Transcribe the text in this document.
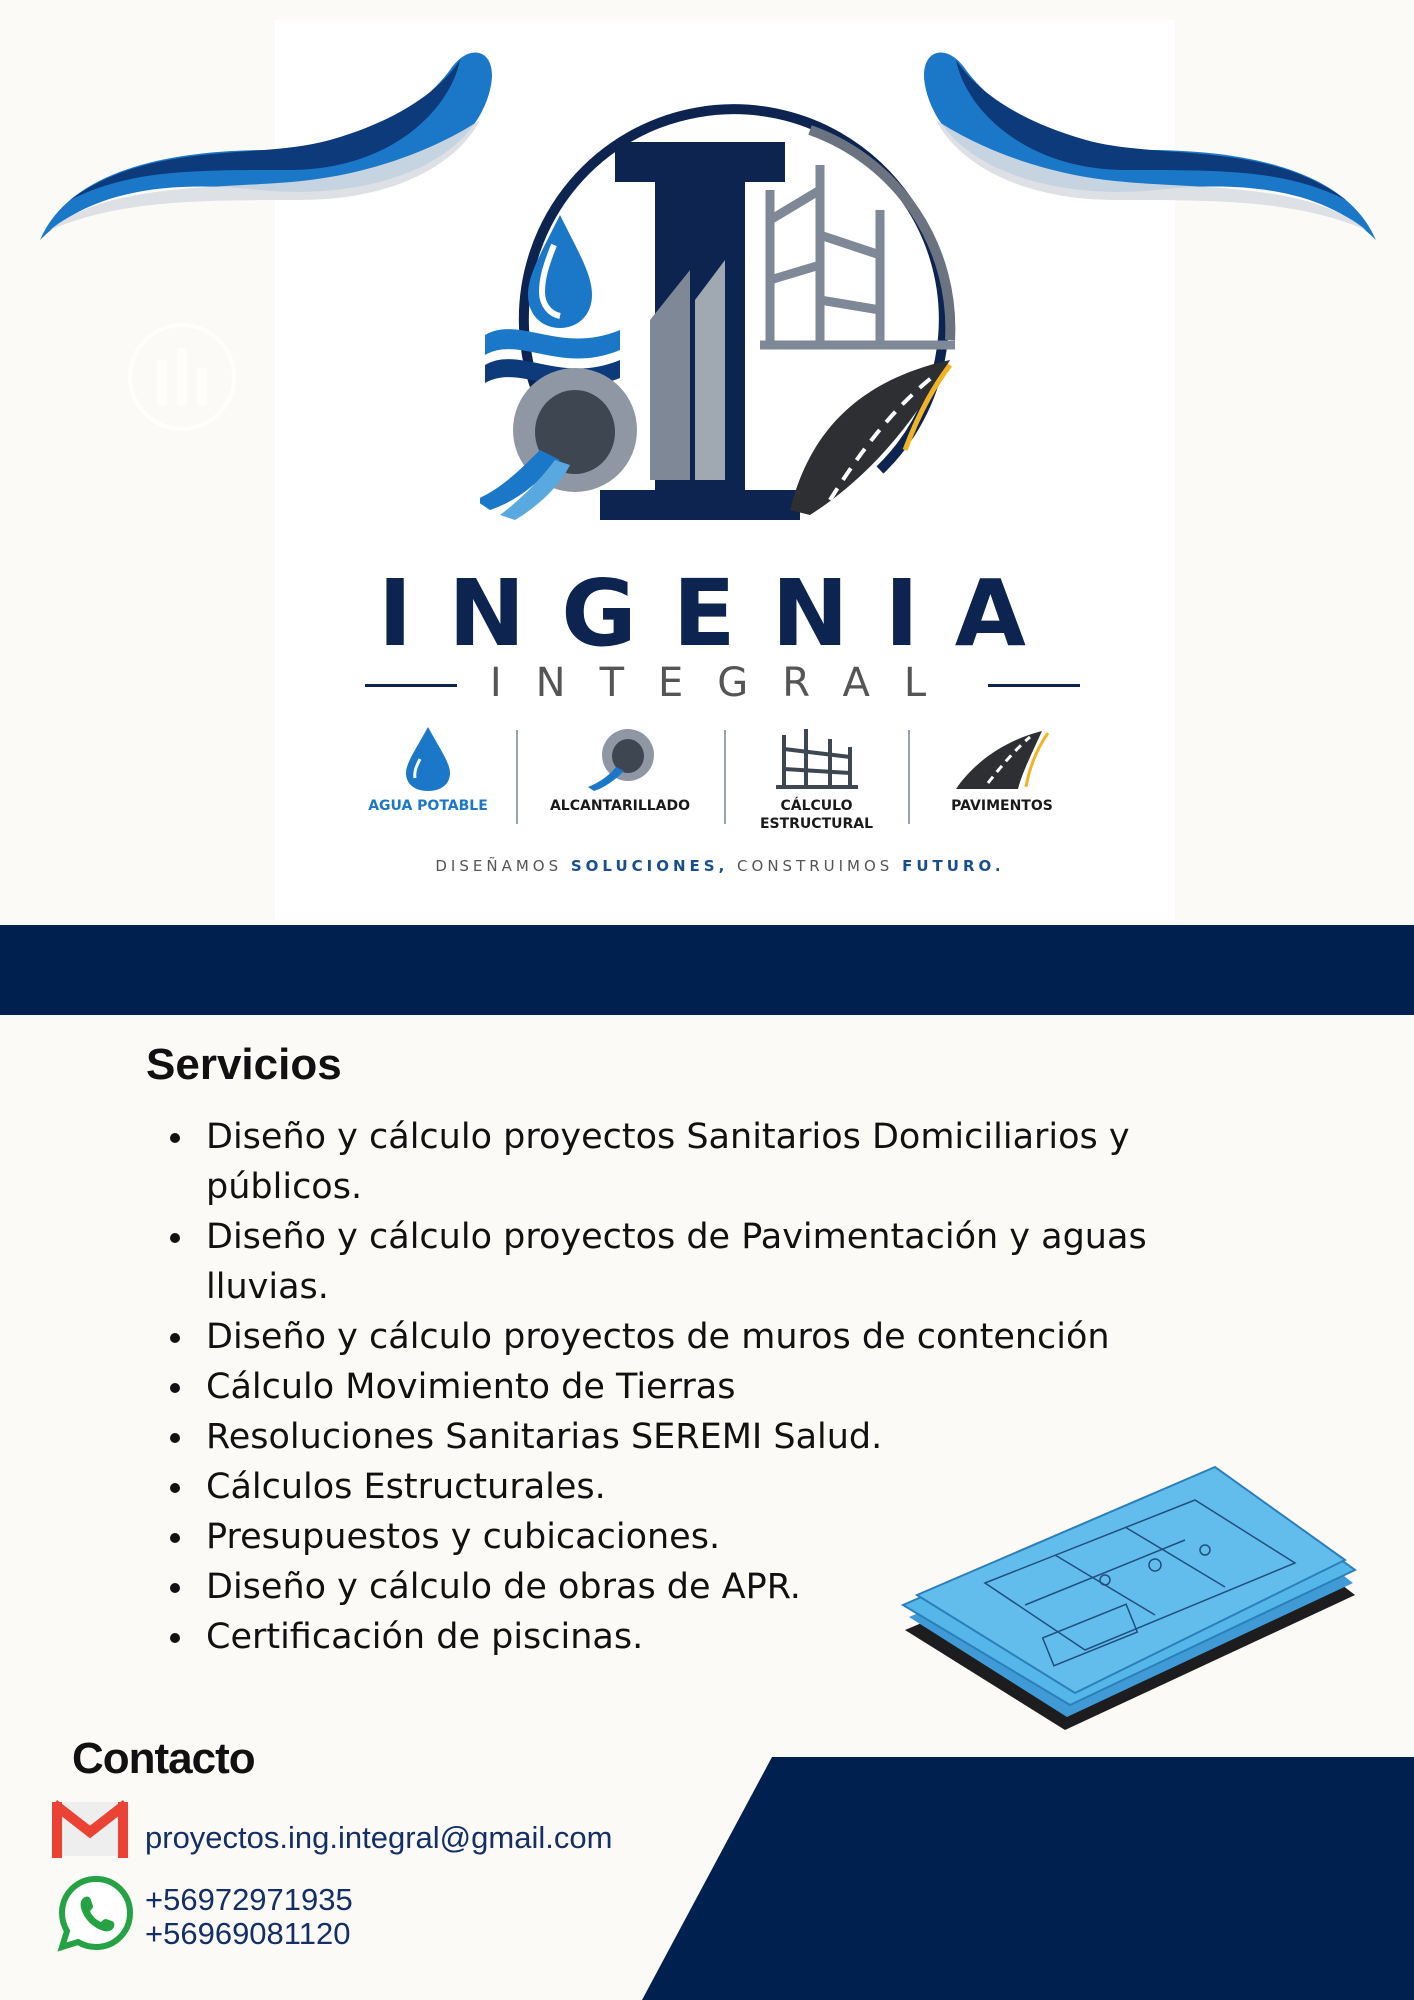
INGENIA
INTEGRAL
AGUA POTABLE	ALCANTARILLADO	CÁLCULO
ESTRUCTURAL
PAVIMENTOS
DISEÑAMOS SOLUCIONES, CONSTRUIMOS FUTURO.
Servicios
Diseño y cálculo proyectos Sanitarios Domiciliarios y públicos.
Diseño y cálculo proyectos de Pavimentación y aguas lluvias.
Diseño y cálculo proyectos de muros de contención
Cálculo Movimiento de Tierras
Resoluciones Sanitarias SEREMI Salud.
Cálculos Estructurales.
Presupuestos y cubicaciones.
Diseño y cálculo de obras de APR.
Certificación de piscinas.
Contacto
proyectos.ing.integral@gmail.com
+56972971935
+56969081120
